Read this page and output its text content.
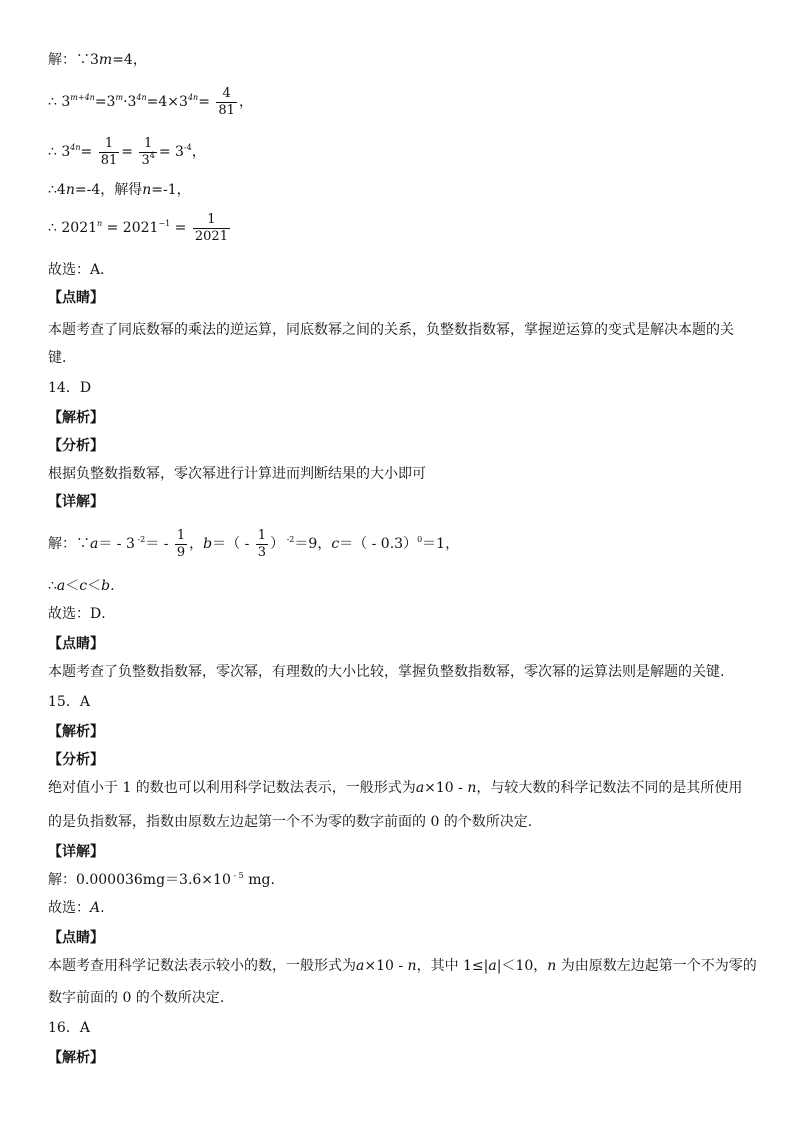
解：∵3m=4，
∴ $3^{m+4n}=3^m\cdot 3^{4n}=4\times 3^{4n}= \frac{4}{81}$ ，
∴ $3^{4n}= \frac{1}{81} = \frac{1}{3^4} = 3^{-4}$，
∴4n=-4，解得n=-1，
∴ $2021^n = 2021^{-1} = \frac{1}{2021}$
故选：A．
【点睛】
本题考查了同底数幂的乘法的逆运算，同底数幂之间的关系，负整数指数幂，掌握逆运算的变式是解决本题的关键．
14．D
【解析】
【分析】
根据负整数指数幂，零次幂进行计算进而判断结果的大小即可
【详解】
解：∵a＝ - 3 $^{-2}= - \frac{1}{9}$ ，$b=( - \frac{1}{3}$ ） $^{-2}$＝9，c＝（ - 0.3）$^0$＝1，
∴a＜c＜b.
故选：D．
【点睛】
本题考查了负整数指数幂，零次幂，有理数的大小比较，掌握负整数指数幂，零次幂的运算法则是解题的关键.
15．A
【解析】
【分析】
绝对值小于 1 的数也可以利用科学记数法表示，一般形式为a×10 - n，与较大数的科学记数法不同的是其所使用
的是负指数幂，指数由原数左边起第一个不为零的数字前面的 0 的个数所决定.
【详解】
解：0.000036mg＝3.6×10 $^{- 5}$ mg.
故选：A.
【点睛】
本题考查用科学记数法表示较小的数，一般形式为a×10 - n，其中 1≤|a|＜10，n 为由原数左边起第一个不为零的
数字前面的 0 的个数所决定.
16．A
【解析】
